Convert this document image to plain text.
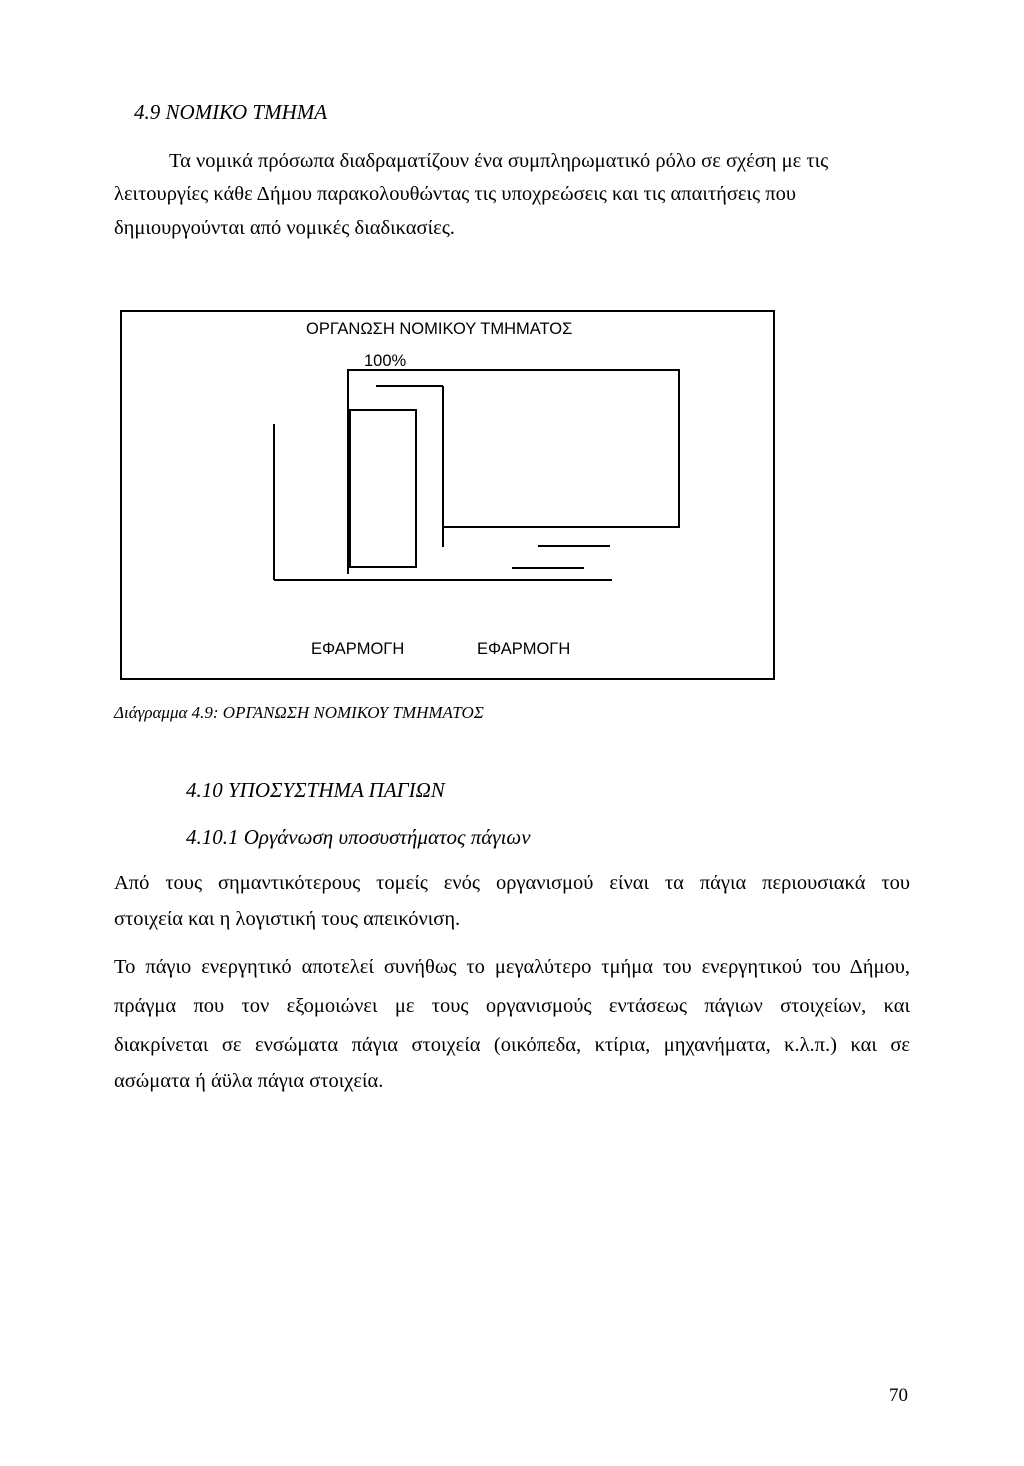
4.9 ΝΟΜΙΚΟ ΤΜΗΜΑ
Τα νομικά πρόσωπα διαδραματίζουν ένα συμπληρωματικό ρόλο σε σχέση με τις
λειτουργίες κάθε Δήμου παρακολουθώντας τις υποχρεώσεις και τις απαιτήσεις που
δημιουργούνται από νομικές διαδικασίες.
ΟΡΓΑΝΩΣΗ ΝΟΜΙΚΟΥ ΤΜΗΜΑΤΟΣ
100%
ΕΦΑΡΜΟΓΗ	ΕΦΑΡΜΟΓΗ
Διάγραμμα 4.9: ΟΡΓΑΝΩΣΗ ΝΟΜΙΚΟΥ ΤΜΗΜΑΤΟΣ
4.10 ΥΠΟΣΥΣΤΗΜΑ ΠΑΓΙΩΝ
4.10.1 Οργάνωση υποσυστήματος πάγιων
Από τους σημαντικότερους τομείς ενός οργανισμού είναι τα πάγια περιουσιακά του
στοιχεία και η λογιστική τους απεικόνιση.
Το πάγιο ενεργητικό αποτελεί συνήθως το μεγαλύτερο τμήμα του ενεργητικού του Δήμου,
πράγμα που τον εξομοιώνει με τους οργανισμούς εντάσεως πάγιων στοιχείων, και
διακρίνεται σε ενσώματα πάγια στοιχεία (οικόπεδα, κτίρια, μηχανήματα, κ.λ.π.) και σε
ασώματα ή άϋλα πάγια στοιχεία.
70
